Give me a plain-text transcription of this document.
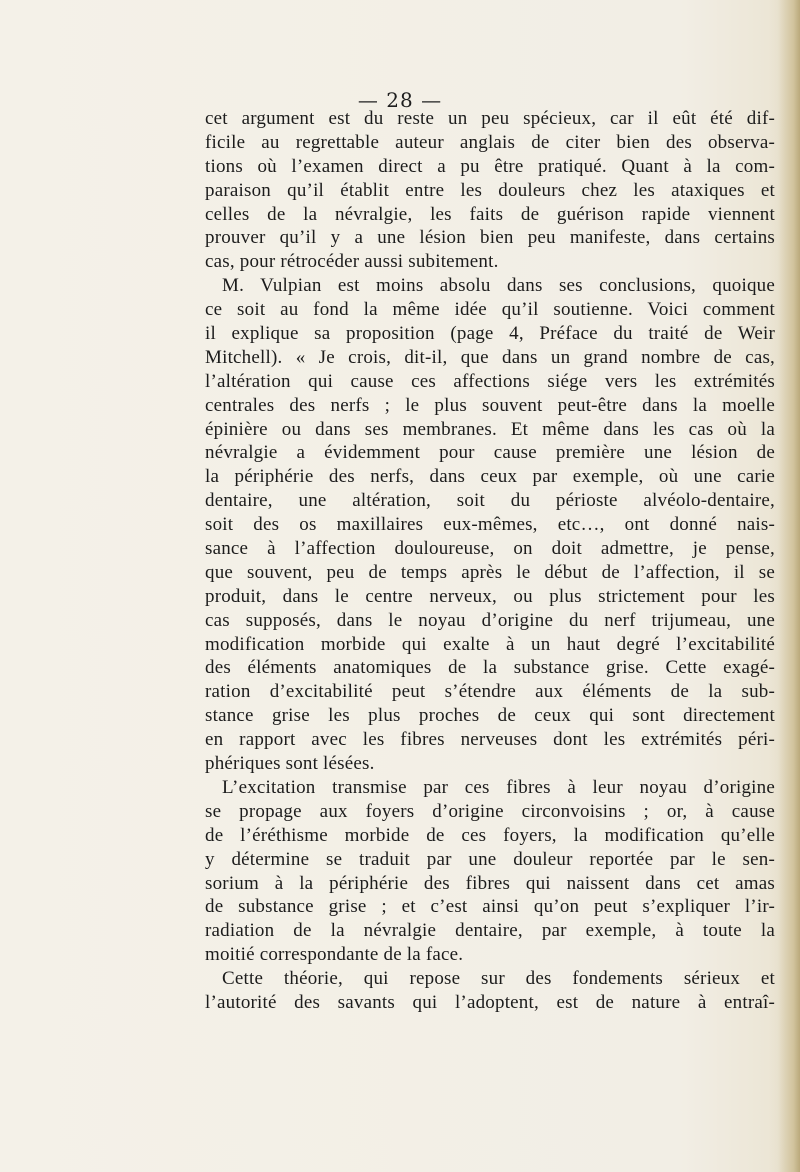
— 28 —
cet argument est du reste un peu spécieux, car il eût été dif-
ficile au regrettable auteur anglais de citer bien des observa-
tions où l’examen direct a pu être pratiqué. Quant à la com-
paraison qu’il établit entre les douleurs chez les ataxiques et
celles de la névralgie, les faits de guérison rapide viennent
prouver qu’il y a une lésion bien peu manifeste, dans certains
cas, pour rétrocéder aussi subitement.
M. Vulpian est moins absolu dans ses conclusions, quoique
ce soit au fond la même idée qu’il soutienne. Voici comment
il explique sa proposition (page 4, Préface du traité de Weir
Mitchell). « Je crois, dit-il, que dans un grand nombre de cas,
l’altération qui cause ces affections siége vers les extrémités
centrales des nerfs ; le plus souvent peut-être dans la moelle
épinière ou dans ses membranes. Et même dans les cas où la
névralgie a évidemment pour cause première une lésion de
la périphérie des nerfs, dans ceux par exemple, où une carie
dentaire, une altération, soit du périoste alvéolo-dentaire,
soit des os maxillaires eux-mêmes, etc…, ont donné nais-
sance à l’affection douloureuse, on doit admettre, je pense,
que souvent, peu de temps après le début de l’affection, il se
produit, dans le centre nerveux, ou plus strictement pour les
cas supposés, dans le noyau d’origine du nerf trijumeau, une
modification morbide qui exalte à un haut degré l’excitabilité
des éléments anatomiques de la substance grise. Cette exagé-
ration d’excitabilité peut s’étendre aux éléments de la sub-
stance grise les plus proches de ceux qui sont directement
en rapport avec les fibres nerveuses dont les extrémités péri-
phériques sont lésées.
L’excitation transmise par ces fibres à leur noyau d’origine
se propage aux foyers d’origine circonvoisins ; or, à cause
de l’éréthisme morbide de ces foyers, la modification qu’elle
y détermine se traduit par une douleur reportée par le sen-
sorium à la périphérie des fibres qui naissent dans cet amas
de substance grise ; et c’est ainsi qu’on peut s’expliquer l’ir-
radiation de la névralgie dentaire, par exemple, à toute la
moitié correspondante de la face.
Cette théorie, qui repose sur des fondements sérieux et
l’autorité des savants qui l’adoptent, est de nature à entraî-
